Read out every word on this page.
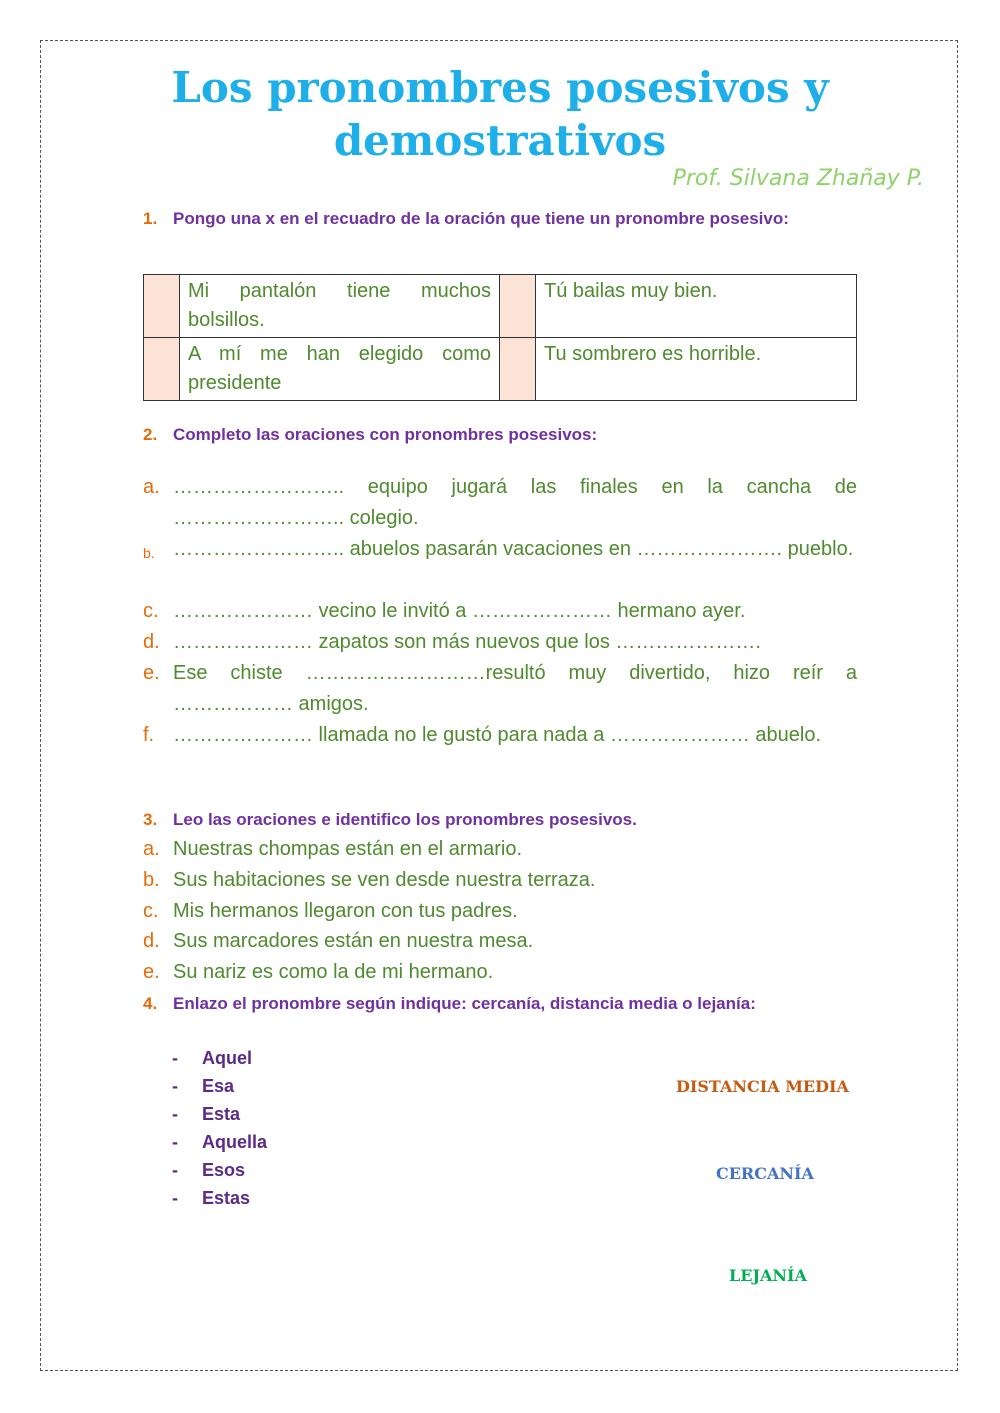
Los pronombres posesivos y
demostrativos
Prof. Silvana Zhañay P.
1. Pongo una x en el recuadro de la oración que tiene un pronombre posesivo:
	Mi pantalón tiene muchos bolsillos.		Tú bailas muy bien.
	A mí me han elegido como presidente		Tu sombrero es horrible.
2. Completo las oraciones con pronombres posesivos:
a. …………………….. equipo jugará las finales en la cancha de …………………….. colegio.
b. …………………….. abuelos pasarán vacaciones en …………………. pueblo.
c. ………………… vecino le invitó a ………………… hermano ayer.
d. ………………… zapatos son más nuevos que los ………………….
e. Ese chiste ………………………resultó muy divertido, hizo reír a ……………… amigos.
f. ………………… llamada no le gustó para nada a ………………… abuelo.
3. Leo las oraciones e identifico los pronombres posesivos.
a. Nuestras chompas están en el armario.
b. Sus habitaciones se ven desde nuestra terraza.
c. Mis hermanos llegaron con tus padres.
d. Sus marcadores están en nuestra mesa.
e. Su nariz es como la de mi hermano.
4. Enlazo el pronombre según indique: cercanía, distancia media o lejanía:
- Aquel
- Esa
- Esta
- Aquella
- Esos
- Estas
DISTANCIA MEDIA
CERCANÍA
LEJANÍA
